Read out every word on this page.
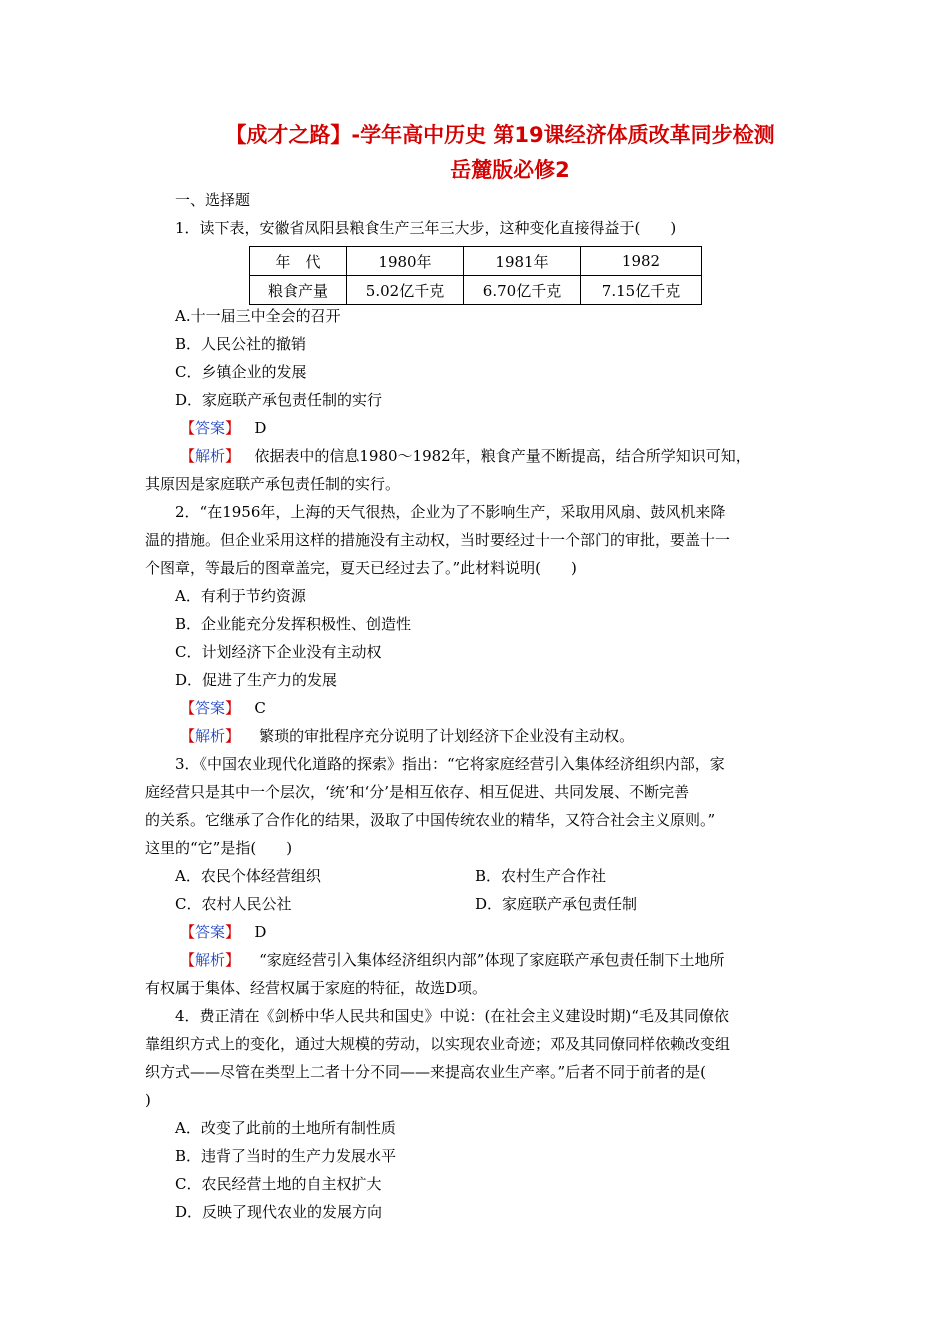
【成才之路】-学年高中历史 第19课经济体质改革同步检测
岳麓版必修2
一、选择题
1．读下表，安徽省凤阳县粮食生产三年三大步，这种变化直接得益于(　　)
年　代	1980年	1981年	1982
粮食产量	5.02亿千克	6.70亿千克	7.15亿千克
A.十一届三中全会的召开
B．人民公社的撤销
C．乡镇企业的发展
D．家庭联产承包责任制的实行
【答案】 D
【解析】 依据表中的信息1980～1982年，粮食产量不断提高，结合所学知识可知，
其原因是家庭联产承包责任制的实行。
2．“在1956年，上海的天气很热，企业为了不影响生产，采取用风扇、鼓风机来降
温的措施。但企业采用这样的措施没有主动权，当时要经过十一个部门的审批，要盖十一
个图章，等最后的图章盖完，夏天已经过去了。”此材料说明(　　)
A．有利于节约资源
B．企业能充分发挥积极性、创造性
C．计划经济下企业没有主动权
D．促进了生产力的发展
【答案】 C
【解析】 繁琐的审批程序充分说明了计划经济下企业没有主动权。
3．《中国农业现代化道路的探索》指出：“它将家庭经营引入集体经济组织内部，家
庭经营只是其中一个层次，‘统’和‘分’是相互依存、相互促进、共同发展、不断完善
的关系。它继承了合作化的结果，汲取了中国传统农业的精华，又符合社会主义原则。”
这里的“它”是指(　　)
A．农民个体经营组织	B．农村生产合作社
C．农村人民公社	D．家庭联产承包责任制
【答案】 D
【解析】 “家庭经营引入集体经济组织内部”体现了家庭联产承包责任制下土地所
有权属于集体、经营权属于家庭的特征，故选D项。
4．费正清在《剑桥中华人民共和国史》中说：(在社会主义建设时期)“毛及其同僚依
靠组织方式上的变化，通过大规模的劳动，以实现农业奇迹；邓及其同僚同样依赖改变组
织方式——尽管在类型上二者十分不同——来提高农业生产率。”后者不同于前者的是(
)
A．改变了此前的土地所有制性质
B．违背了当时的生产力发展水平
C．农民经营土地的自主权扩大
D．反映了现代农业的发展方向
